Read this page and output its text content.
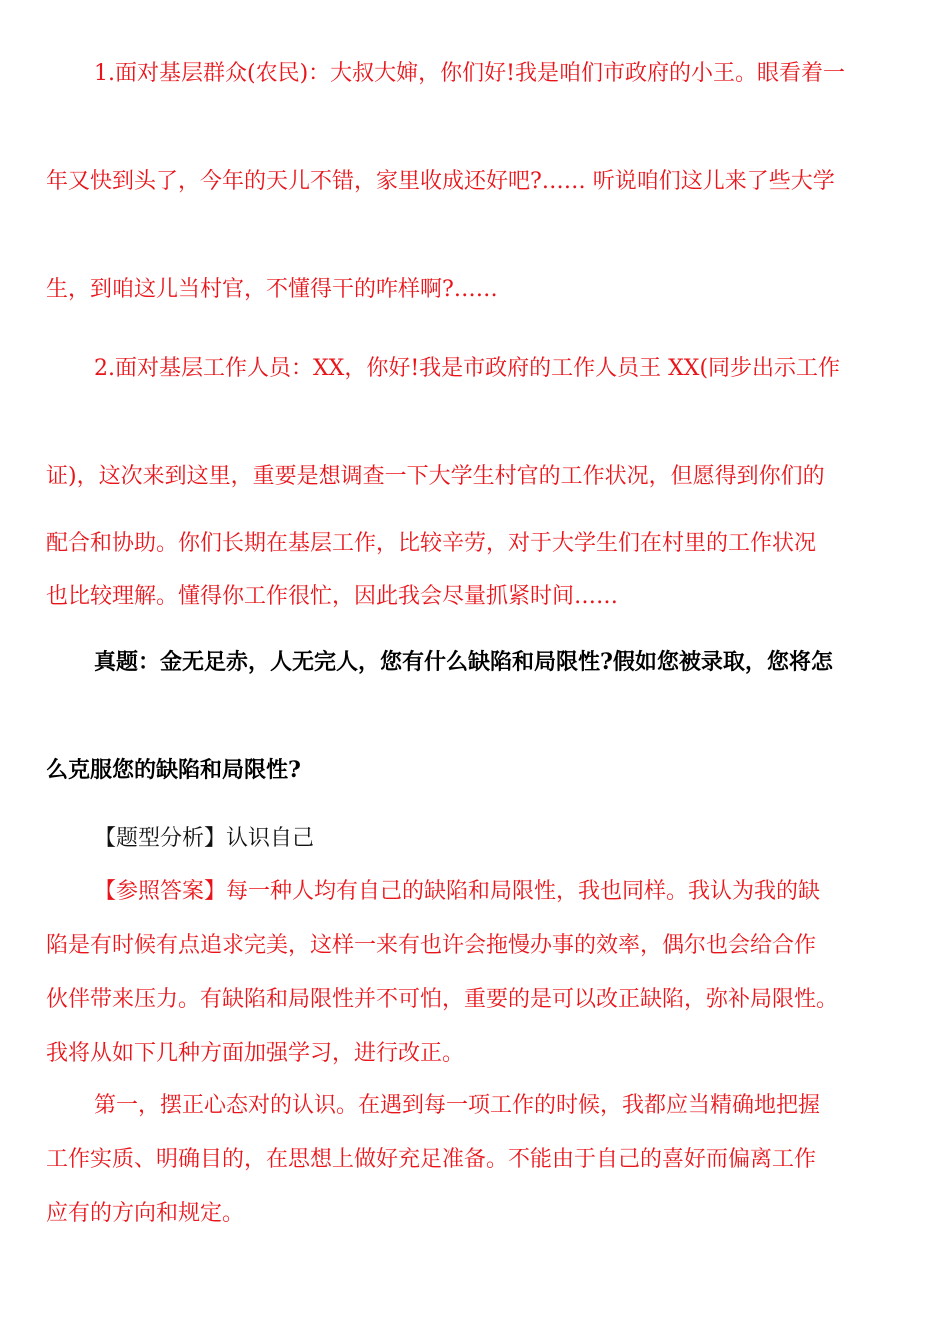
1.面对基层群众(农民)：大叔大婶，你们好!我是咱们市政府的小王。眼看着一
年又快到头了，今年的天儿不错，家里收成还好吧?…… 听说咱们这儿来了些大学
生，到咱这儿当村官，不懂得干的咋样啊?……
2.面对基层工作人员：XX，你好!我是市政府的工作人员王 XX(同步出示工作
证)，这次来到这里，重要是想调查一下大学生村官的工作状况，但愿得到你们的
配合和协助。你们长期在基层工作，比较辛劳，对于大学生们在村里的工作状况
也比较理解。懂得你工作很忙，因此我会尽量抓紧时间……
真题：金无足赤，人无完人，您有什么缺陷和局限性?假如您被录取，您将怎
么克服您的缺陷和局限性?
【题型分析】认识自己
【参照答案】每一种人均有自己的缺陷和局限性，我也同样。我认为我的缺
陷是有时候有点追求完美，这样一来有也许会拖慢办事的效率，偶尔也会给合作
伙伴带来压力。有缺陷和局限性并不可怕，重要的是可以改正缺陷，弥补局限性。
我将从如下几种方面加强学习，进行改正。
第一，摆正心态对的认识。在遇到每一项工作的时候，我都应当精确地把握
工作实质、明确目的，在思想上做好充足准备。不能由于自己的喜好而偏离工作
应有的方向和规定。
